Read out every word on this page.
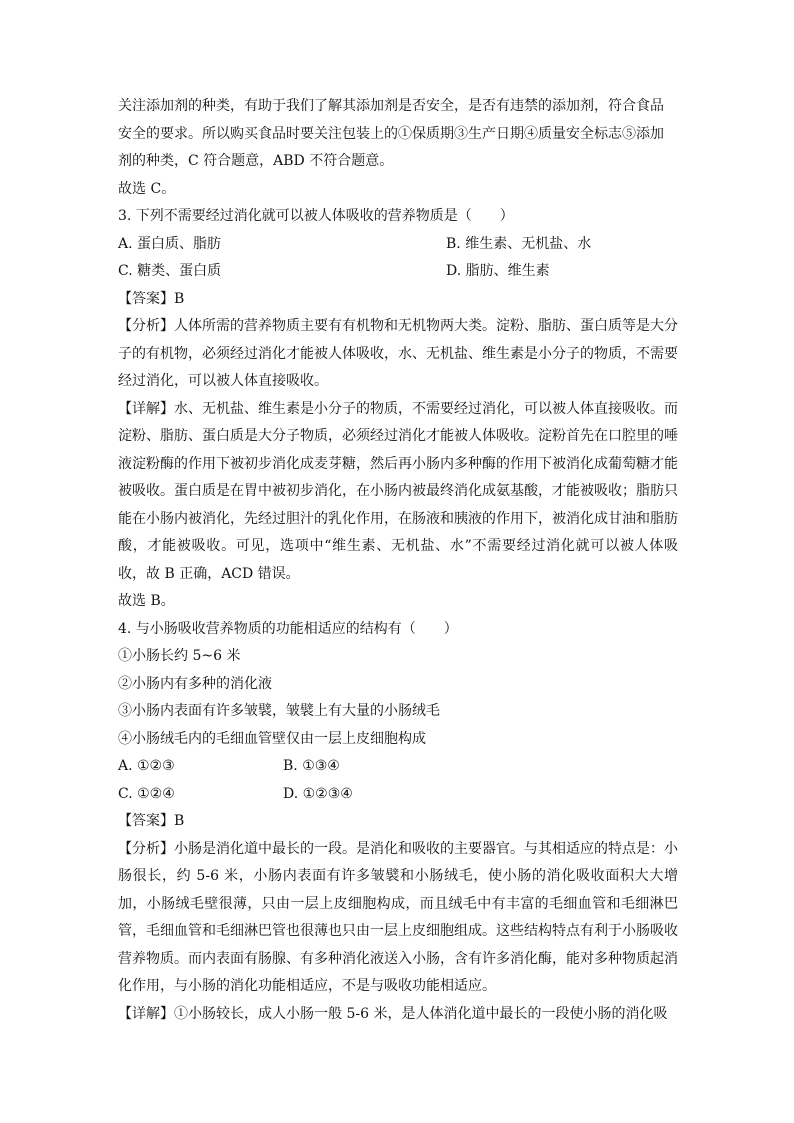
关注添加剂的种类，有助于我们了解其添加剂是否安全，是否有违禁的添加剂，符合食品

安全的要求。所以购买食品时要关注包装上的①保质期③生产日期④质量安全标志⑤添加

剂的种类，C 符合题意，ABD 不符合题意。

故选 C。

3. 下列不需要经过消化就可以被人体吸收的营养物质是（　　）

A. 蛋白质、脂肪	B. 维生素、无机盐、水
C. 糖类、蛋白质	D. 脂肪、维生素

【答案】B

【分析】人体所需的营养物质主要有有机物和无机物两大类。淀粉、脂肪、蛋白质等是大分子的有机物，必须经过消化才能被人体吸收，水、无机盐、维生素是小分子的物质，不需要经过消化，可以被人体直接吸收。

【详解】水、无机盐、维生素是小分子的物质，不需要经过消化，可以被人体直接吸收。而淀粉、脂肪、蛋白质是大分子物质，必须经过消化才能被人体吸收。淀粉首先在口腔里的唾液淀粉酶的作用下被初步消化成麦芽糖，然后再小肠内多种酶的作用下被消化成葡萄糖才能被吸收。蛋白质是在胃中被初步消化，在小肠内被最终消化成氨基酸，才能被吸收；脂肪只能在小肠内被消化，先经过胆汁的乳化作用，在肠液和胰液的作用下，被消化成甘油和脂肪酸，才能被吸收。可见，选项中“维生素、无机盐、水”不需要经过消化就可以被人体吸收，故 B 正确，ACD 错误。

故选 B。

4. 与小肠吸收营养物质的功能相适应的结构有（　　）

①小肠长约 5~6 米

②小肠内有多种的消化液

③小肠内表面有许多皱襞，皱襞上有大量的小肠绒毛

④小肠绒毛内的毛细血管壁仅由一层上皮细胞构成

A. ①②③	B. ①③④
C. ①②④	D. ①②③④

【答案】B

【分析】小肠是消化道中最长的一段。是消化和吸收的主要器官。与其相适应的特点是：小肠很长，约 5-6 米，小肠内表面有许多皱襞和小肠绒毛，使小肠的消化吸收面积大大增加，小肠绒毛壁很薄，只由一层上皮细胞构成，而且绒毛中有丰富的毛细血管和毛细淋巴管，毛细血管和毛细淋巴管也很薄也只由一层上皮细胞组成。这些结构特点有利于小肠吸收营养物质。而内表面有肠腺、有多种消化液送入小肠，含有许多消化酶，能对多种物质起消化作用，与小肠的消化功能相适应，不是与吸收功能相适应。

【详解】①小肠较长，成人小肠一般 5-6 米，是人体消化道中最长的一段使小肠的消化吸
